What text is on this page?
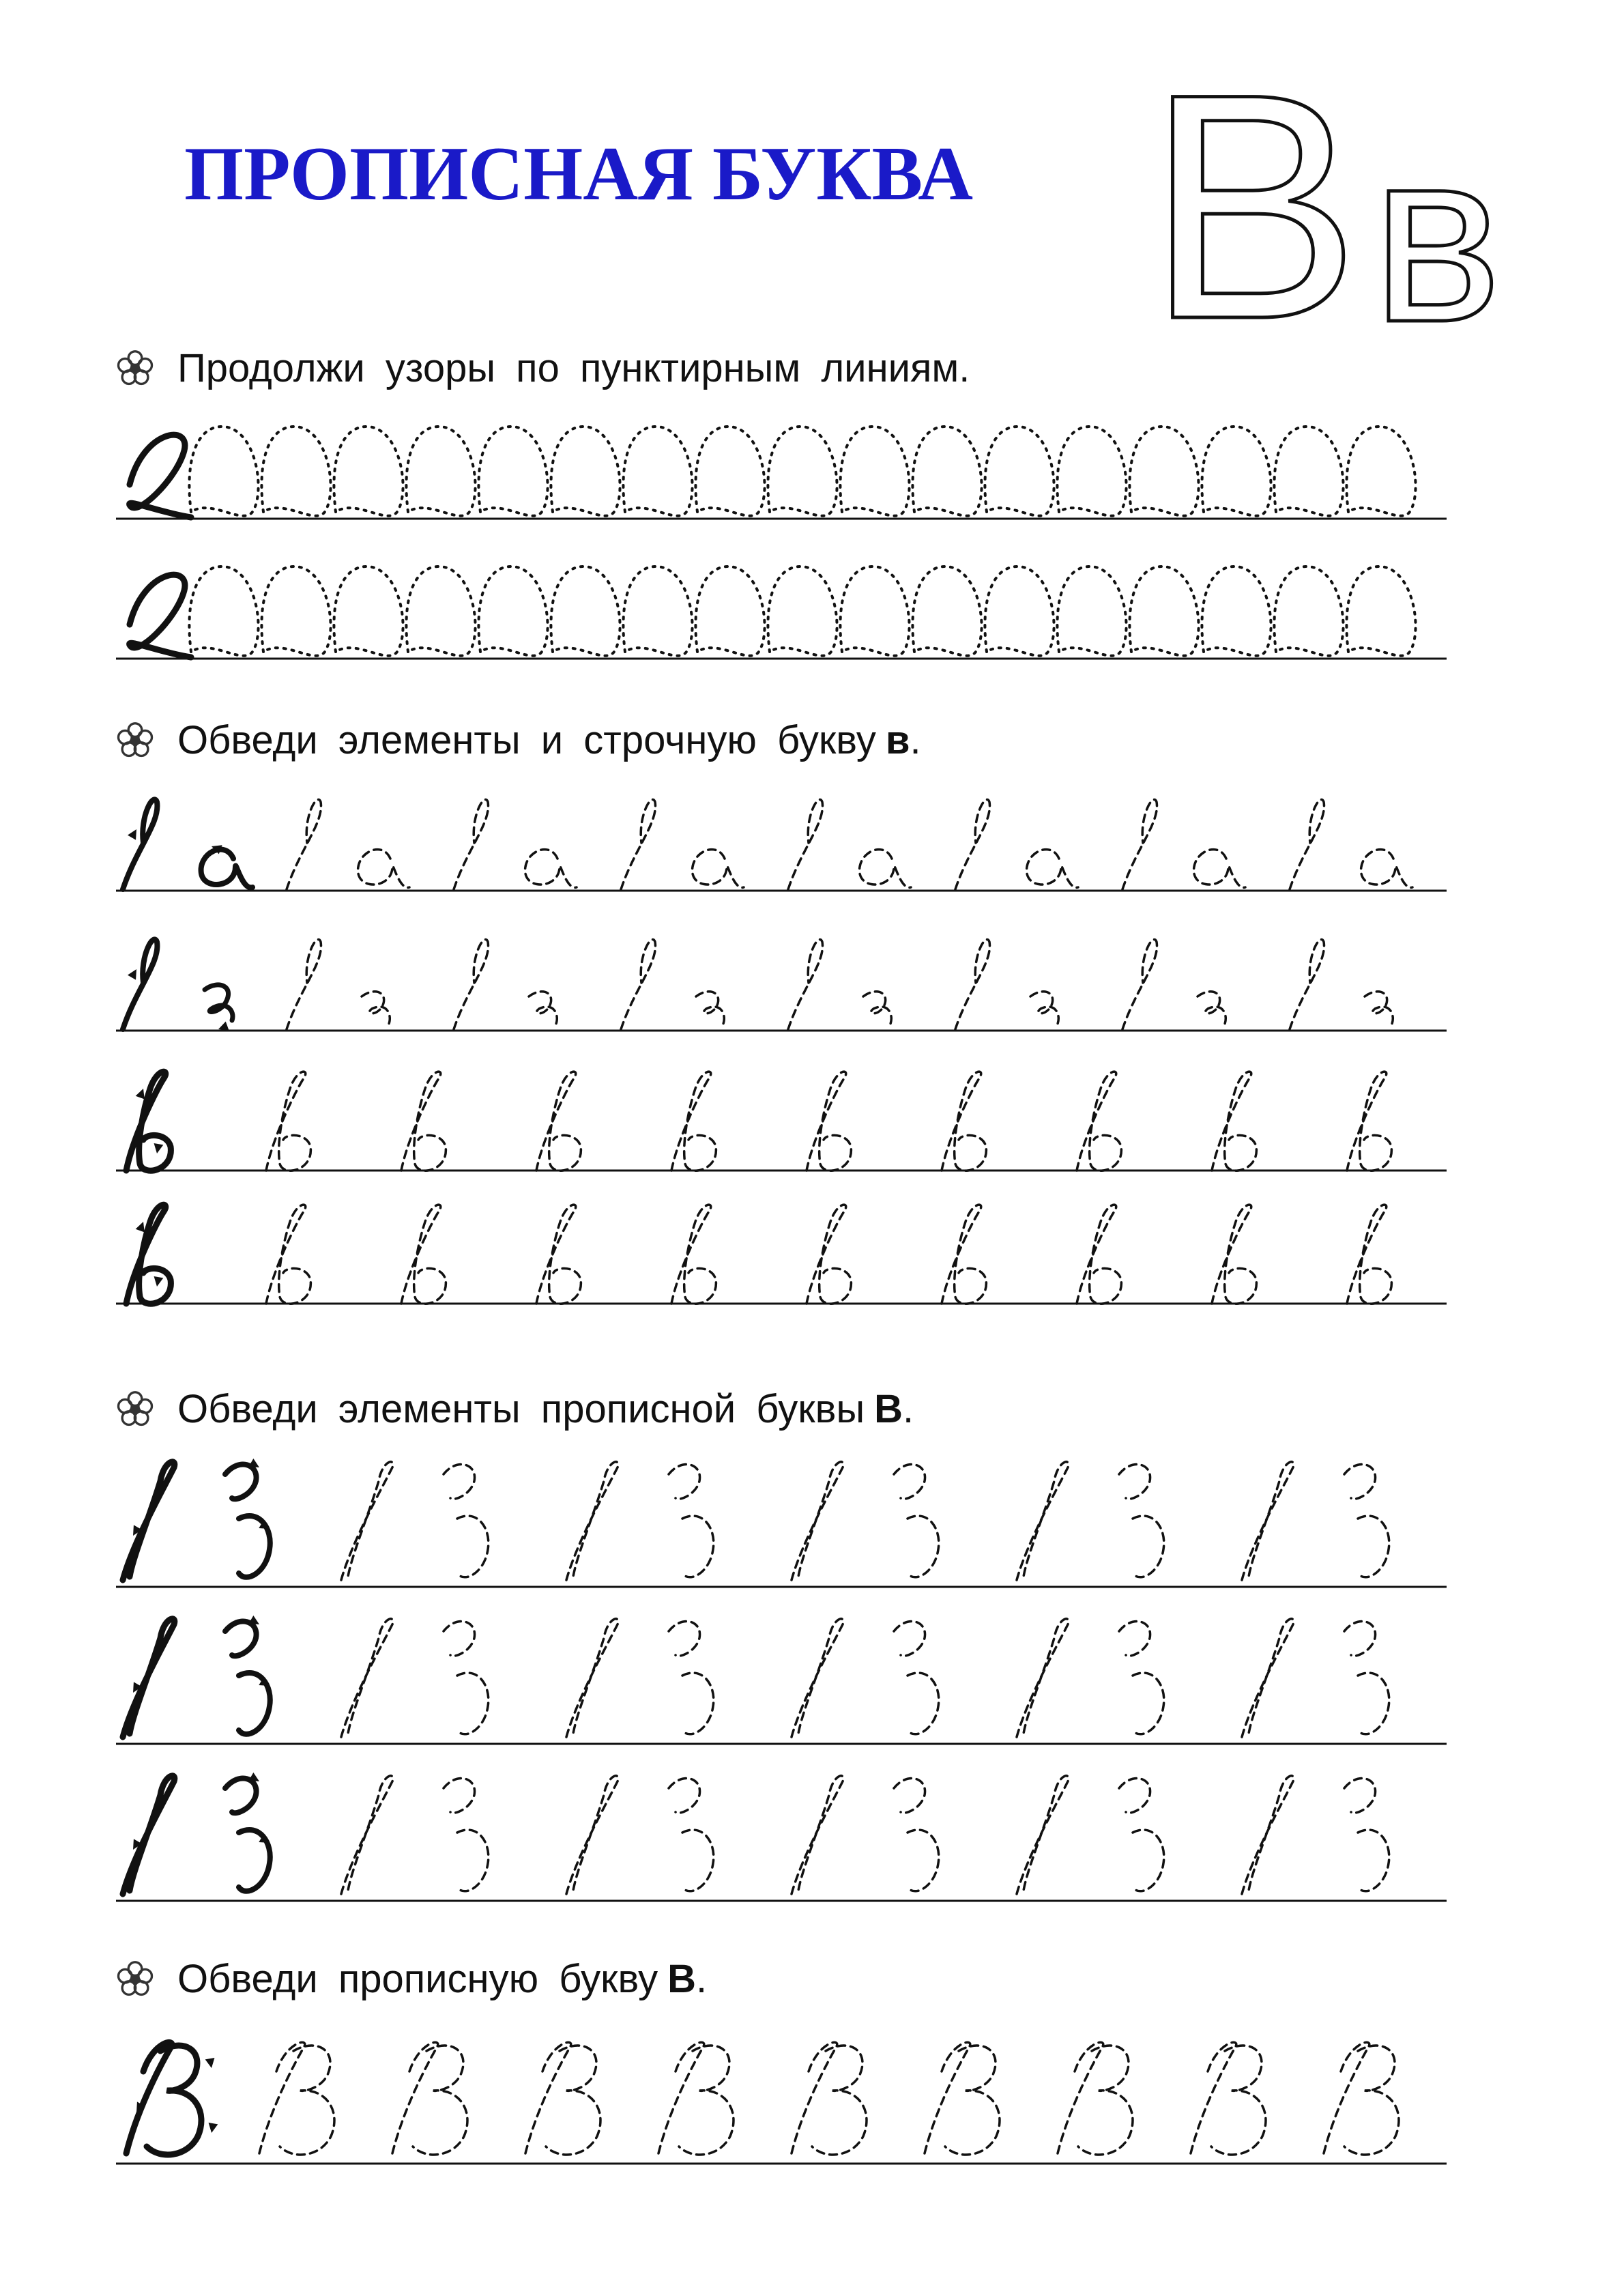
ПРОПИСНАЯ БУКВА B в
Продолжи узоры по пунктирным линиям.
Обведи элементы и строчную букву в .
Обведи элементы прописной буквы В .
Обведи прописную букву В .
